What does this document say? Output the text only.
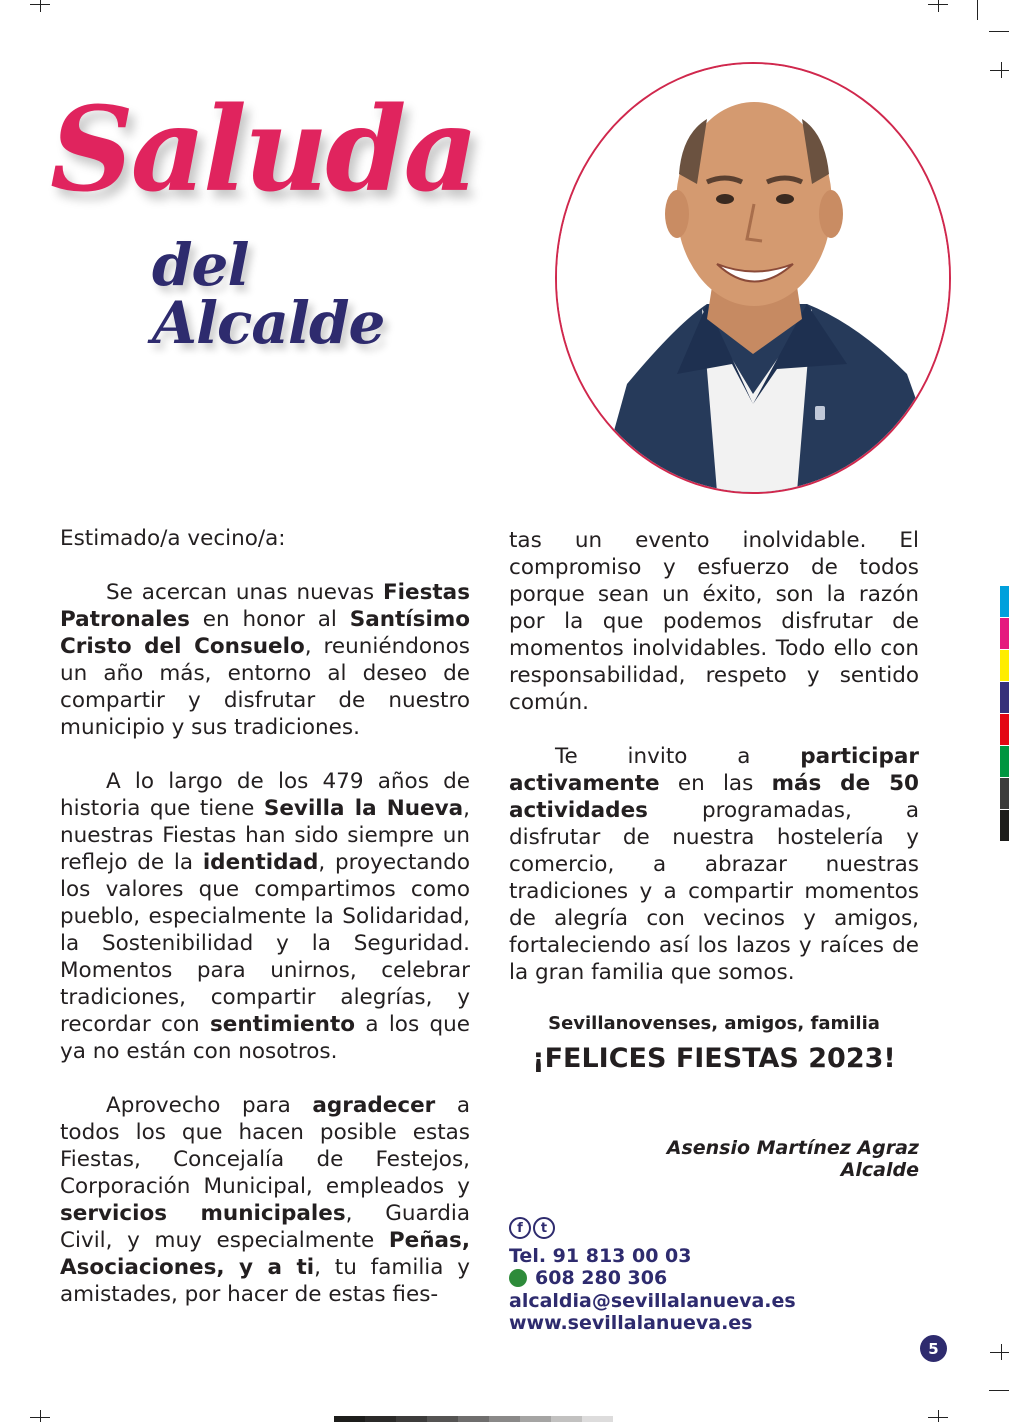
Saluda
del Alcalde

Estimado/a vecino/a:

Se acercan unas nuevas Fiestas Patronales en honor al Santísimo Cristo del Consuelo, reuniéndonos un año más, entorno al deseo de compartir y disfrutar de nuestro municipio y sus tradiciones.

A lo largo de los 479 años de historia que tiene Sevilla la Nueva, nuestras Fiestas han sido siempre un reflejo de la identidad, proyectando los valores que compartimos como pueblo, especialmente la Solidaridad, la Sostenibilidad y la Seguridad. Momentos para unirnos, celebrar tradiciones, compartir alegrías, y recordar con sentimiento a los que ya no están con nosotros.

Aprovecho para agradecer a todos los que hacen posible estas Fiestas, Concejalía de Festejos, Corporación Municipal, empleados y servicios municipales, Guardia Civil, y muy especialmente Peñas, Asociaciones, y a ti, tu familia y amistades, por hacer de estas fies-

tas un evento inolvidable. El compromiso y esfuerzo de todos porque sean un éxito, son la razón por la que podemos disfrutar de momentos inolvidables. Todo ello con responsabilidad, respeto y sentido común.

Te invito a participar activamente en las más de 50 actividades programadas, a disfrutar de nuestra hostelería y comercio, a abrazar nuestras tradiciones y a compartir momentos de alegría con vecinos y amigos, fortaleciendo así los lazos y raíces de la gran familia que somos.

Sevillanovenses, amigos, familia
¡FELICES FIESTAS 2023!
Asensio Martínez Agraz
Alcalde
f	t
Tel. 91 813 00 03
608 280 306
alcaldia@sevillalanueva.es
www.sevillalanueva.es
5
